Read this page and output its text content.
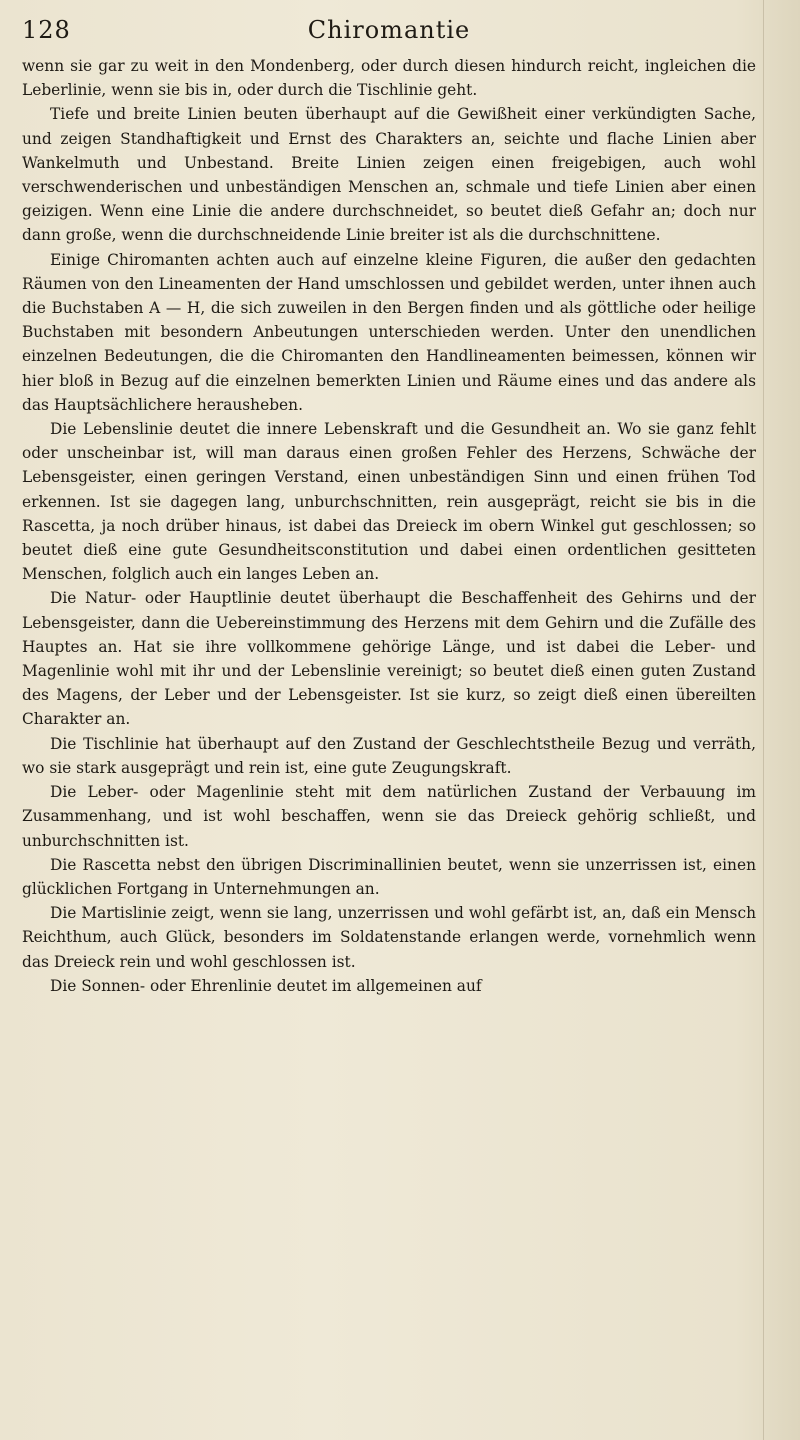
128	Chiromantie

wenn sie gar zu weit in den Mondenberg, oder durch diesen hindurch reicht, ingleichen die Leberlinie, wenn sie bis in, oder durch die Tischlinie geht.

Tiefe und breite Linien beuten überhaupt auf die Gewißheit einer verkündigten Sache, und zeigen Standhaftigkeit und Ernst des Charakters an, seichte und flache Linien aber Wankelmuth und Unbestand. Breite Linien zeigen einen freigebigen, auch wohl verschwenderischen und unbeständigen Menschen an, schmale und tiefe Linien aber einen geizigen. Wenn eine Linie die andere durchschneidet, so beutet dieß Gefahr an; doch nur dann große, wenn die durchschneidende Linie breiter ist als die durchschnittene.

Einige Chiromanten achten auch auf einzelne kleine Figuren, die außer den gedachten Räumen von den Lineamenten der Hand umschlossen und gebildet werden, unter ihnen auch die Buchstaben A — H, die sich zuweilen in den Bergen finden und als göttliche oder heilige Buchstaben mit besondern Anbeutungen unterschieden werden. Unter den unendlichen einzelnen Bedeutungen, die die Chiromanten den Handlineamenten beimessen, können wir hier bloß in Bezug auf die einzelnen bemerkten Linien und Räume eines und das andere als das Hauptsächlichere herausheben.

Die Lebenslinie deutet die innere Lebenskraft und die Gesundheit an. Wo sie ganz fehlt oder unscheinbar ist, will man daraus einen großen Fehler des Herzens, Schwäche der Lebensgeister, einen geringen Verstand, einen unbeständigen Sinn und einen frühen Tod erkennen. Ist sie dagegen lang, unburchschnitten, rein ausgeprägt, reicht sie bis in die Rascetta, ja noch drüber hinaus, ist dabei das Dreieck im obern Winkel gut geschlossen; so beutet dieß eine gute Gesundheitsconstitution und dabei einen ordentlichen gesitteten Menschen, folglich auch ein langes Leben an.

Die Natur- oder Hauptlinie deutet überhaupt die Beschaffenheit des Gehirns und der Lebensgeister, dann die Uebereinstimmung des Herzens mit dem Gehirn und die Zufälle des Hauptes an. Hat sie ihre vollkommene gehörige Länge, und ist dabei die Leber- und Magenlinie wohl mit ihr und der Lebenslinie vereinigt; so beutet dieß einen guten Zustand des Magens, der Leber und der Lebensgeister. Ist sie kurz, so zeigt dieß einen übereilten Charakter an.

Die Tischlinie hat überhaupt auf den Zustand der Geschlechtstheile Bezug und verräth, wo sie stark ausgeprägt und rein ist, eine gute Zeugungskraft.

Die Leber- oder Magenlinie steht mit dem natürlichen Zustand der Verbauung im Zusammenhang, und ist wohl beschaffen, wenn sie das Dreieck gehörig schließt, und unburchschnitten ist.

Die Rascetta nebst den übrigen Discriminallinien beutet, wenn sie unzerrissen ist, einen glücklichen Fortgang in Unternehmungen an.

Die Martislinie zeigt, wenn sie lang, unzerrissen und wohl gefärbt ist, an, daß ein Mensch Reichthum, auch Glück, besonders im Soldatenstande erlangen werde, vornehmlich wenn das Dreieck rein und wohl geschlossen ist.

Die Sonnen- oder Ehrenlinie deutet im allgemeinen auf
